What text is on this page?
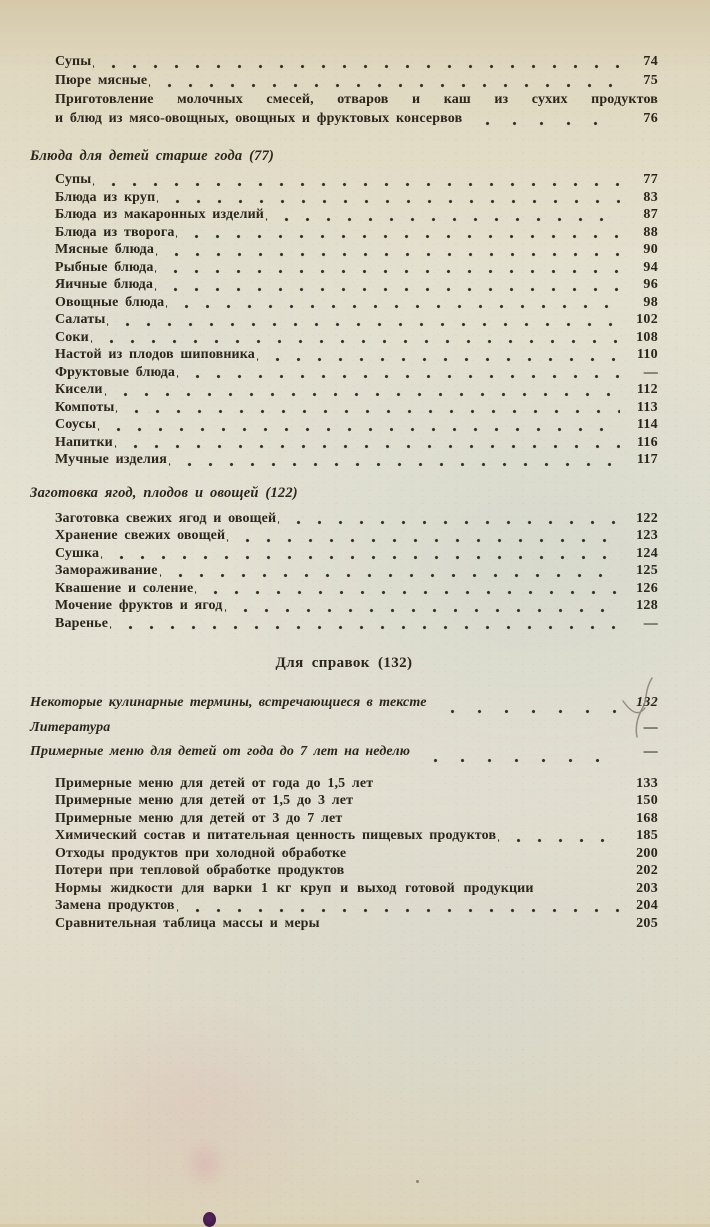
Супы	74
Пюре мясные	75
Приготовление молочных смесей, отваров и каш из сухих продуктов
и блюд из мясо-овощных, овощных и фруктовых консервов	76

Блюда для детей старше года (77)

Супы	77
Блюда из круп	83
Блюда из макаронных изделий	87
Блюда из творога	88
Мясные блюда	90
Рыбные блюда	94
Яичные блюда	96
Овощные блюда	98
Салаты	102
Соки	108
Настой из плодов шиповника	110
Фруктовые блюда	—
Кисели	112
Компоты	113
Соусы	114
Напитки	116
Мучные изделия	117

Заготовка ягод, плодов и овощей (122)

Заготовка свежих ягод и овощей	122
Хранение свежих овощей	123
Сушка	124
Замораживание	125
Квашение и соление	126
Мочение фруктов и ягод	128
Варенье	—

Для справок (132)

Некоторые кулинарные термины, встречающиеся в тексте	132
Литература	—
Примерные меню для детей от года до 7 лет на неделю	—
Примерные меню для детей от года до 1,5 лет	133
Примерные меню для детей от 1,5 до 3 лет	150
Примерные меню для детей от 3 до 7 лет	168
Химический состав и питательная ценность пищевых продуктов	185
Отходы продуктов при холодной обработке	200
Потери при тепловой обработке продуктов	202
Нормы жидкости для варки 1 кг круп и выход готовой продукции	203
Замена продуктов	204
Сравнительная таблица массы и меры	205
